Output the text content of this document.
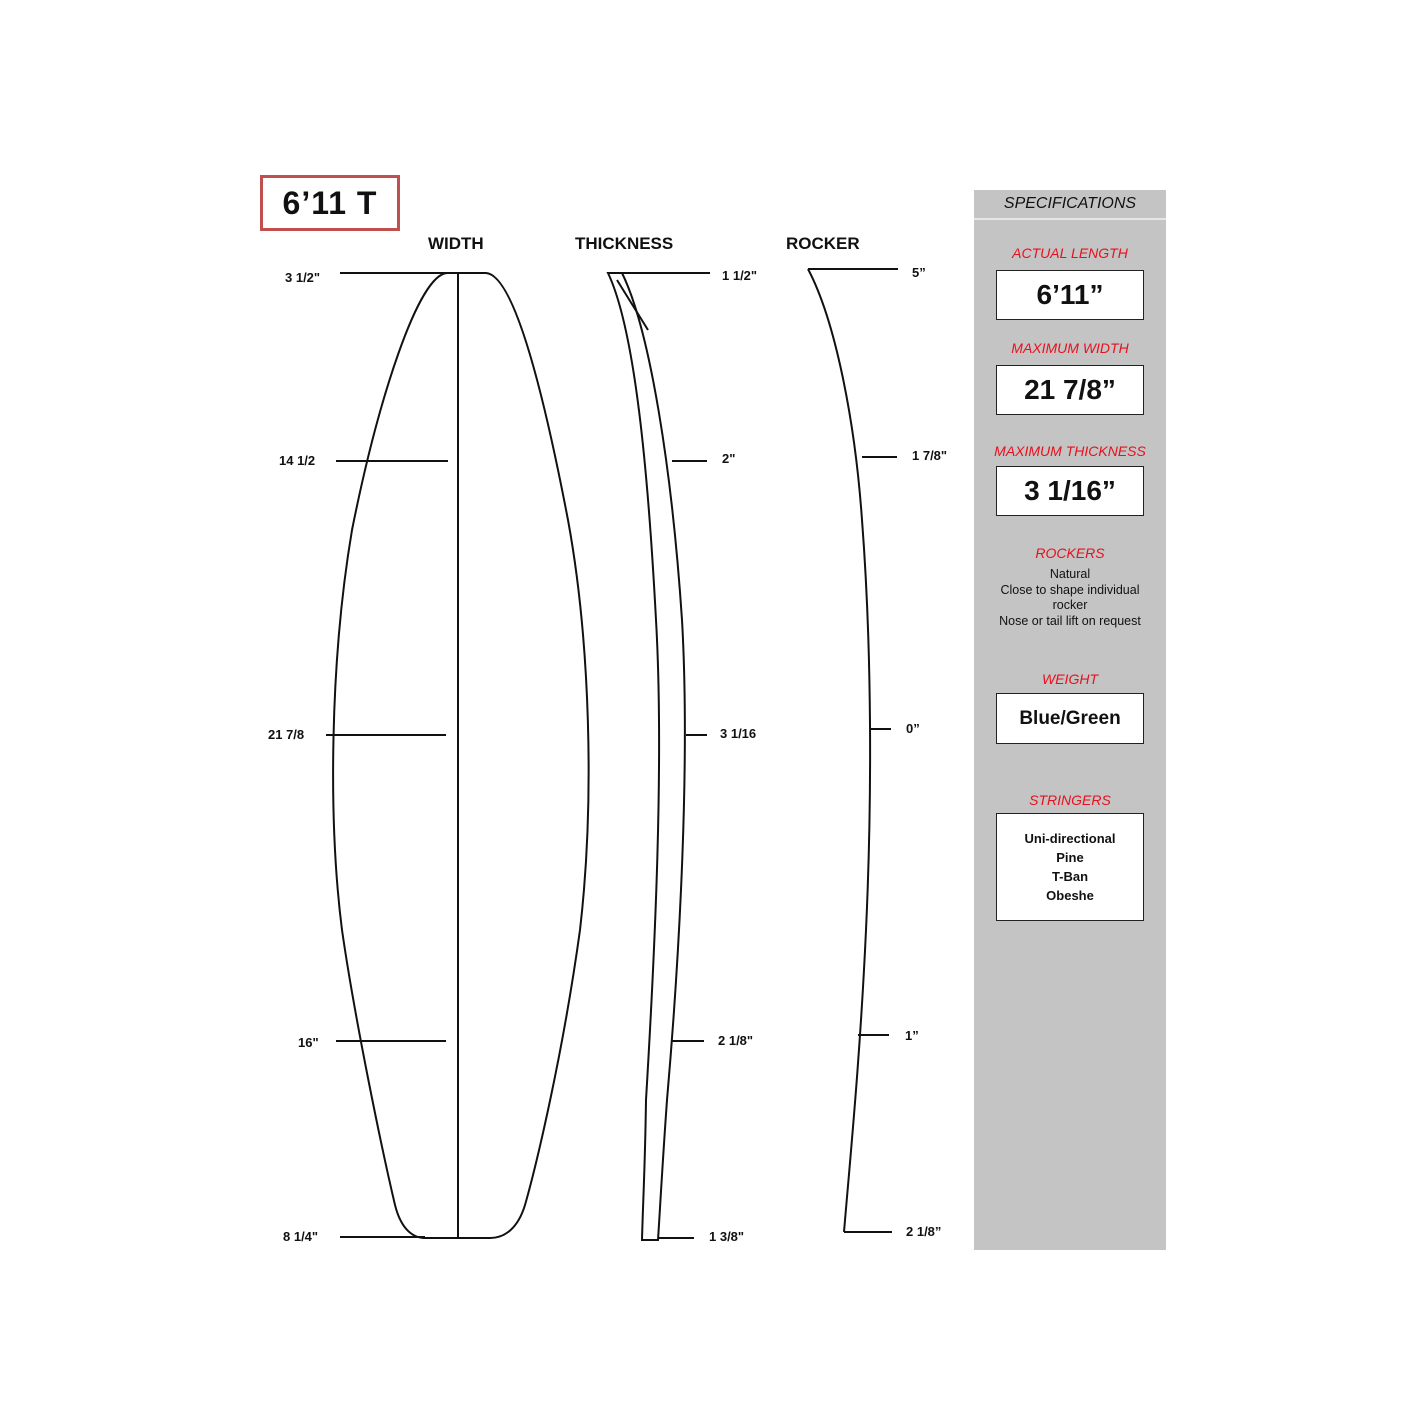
6’11 T
WIDTH	THICKNESS	ROCKER
3 1/2"
14 1/2
21 7/8
16"
8 1/4"
1 1/2"
2"
3 1/16
2 1/8"
1 3/8"
5”
1 7/8"
0”
1”
2 1/8”
SPECIFICATIONS
ACTUAL LENGTH
6’11”
MAXIMUM WIDTH
21 7/8”
MAXIMUM THICKNESS
3 1/16”
ROCKERS
Natural
Close to shape individual
rocker
Nose or tail lift on request
WEIGHT
Blue/Green
STRINGERS
Uni-directional
Pine
T-Ban
Obeshe
